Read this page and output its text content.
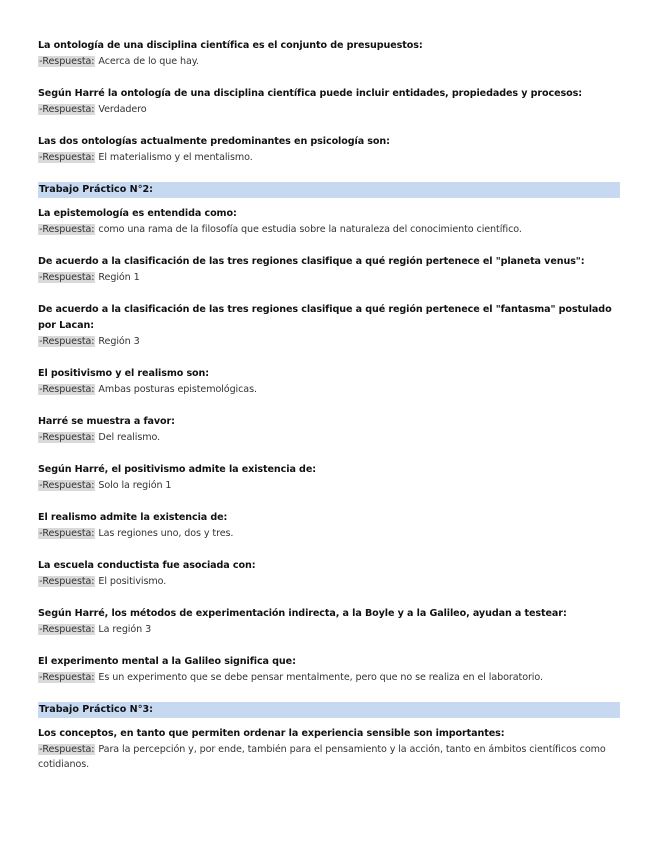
La ontología de una disciplina científica es el conjunto de presupuestos:
-Respuesta: Acerca de lo que hay.
Según Harré la ontología de una disciplina científica puede incluir entidades, propiedades y procesos:
-Respuesta: Verdadero
Las dos ontologías actualmente predominantes en psicología son:
-Respuesta: El materialismo y el mentalismo.
Trabajo Práctico N°2:
La epistemología es entendida como:
-Respuesta: como una rama de la filosofía que estudia sobre la naturaleza del conocimiento científico.
De acuerdo a la clasificación de las tres regiones clasifique a qué región pertenece el "planeta venus":
-Respuesta: Región 1
De acuerdo a la clasificación de las tres regiones clasifique a qué región pertenece el "fantasma" postulado por Lacan:
-Respuesta: Región 3
El positivismo y el realismo son:
-Respuesta: Ambas posturas epistemológicas.
Harré se muestra a favor:
-Respuesta: Del realismo.
Según Harré, el positivismo admite la existencia de:
-Respuesta: Solo la región 1
El realismo admite la existencia de:
-Respuesta: Las regiones uno, dos y tres.
La escuela conductista fue asociada con:
-Respuesta: El positivismo.
Según Harré, los métodos de experimentación indirecta, a la Boyle y a la Galileo, ayudan a testear:
-Respuesta: La región 3
El experimento mental a la Galileo significa que:
-Respuesta: Es un experimento que se debe pensar mentalmente, pero que no se realiza en el laboratorio.
Trabajo Práctico N°3:
Los conceptos, en tanto que permiten ordenar la experiencia sensible son importantes:
-Respuesta: Para la percepción y, por ende, también para el pensamiento y la acción, tanto en ámbitos científicos como cotidianos.
